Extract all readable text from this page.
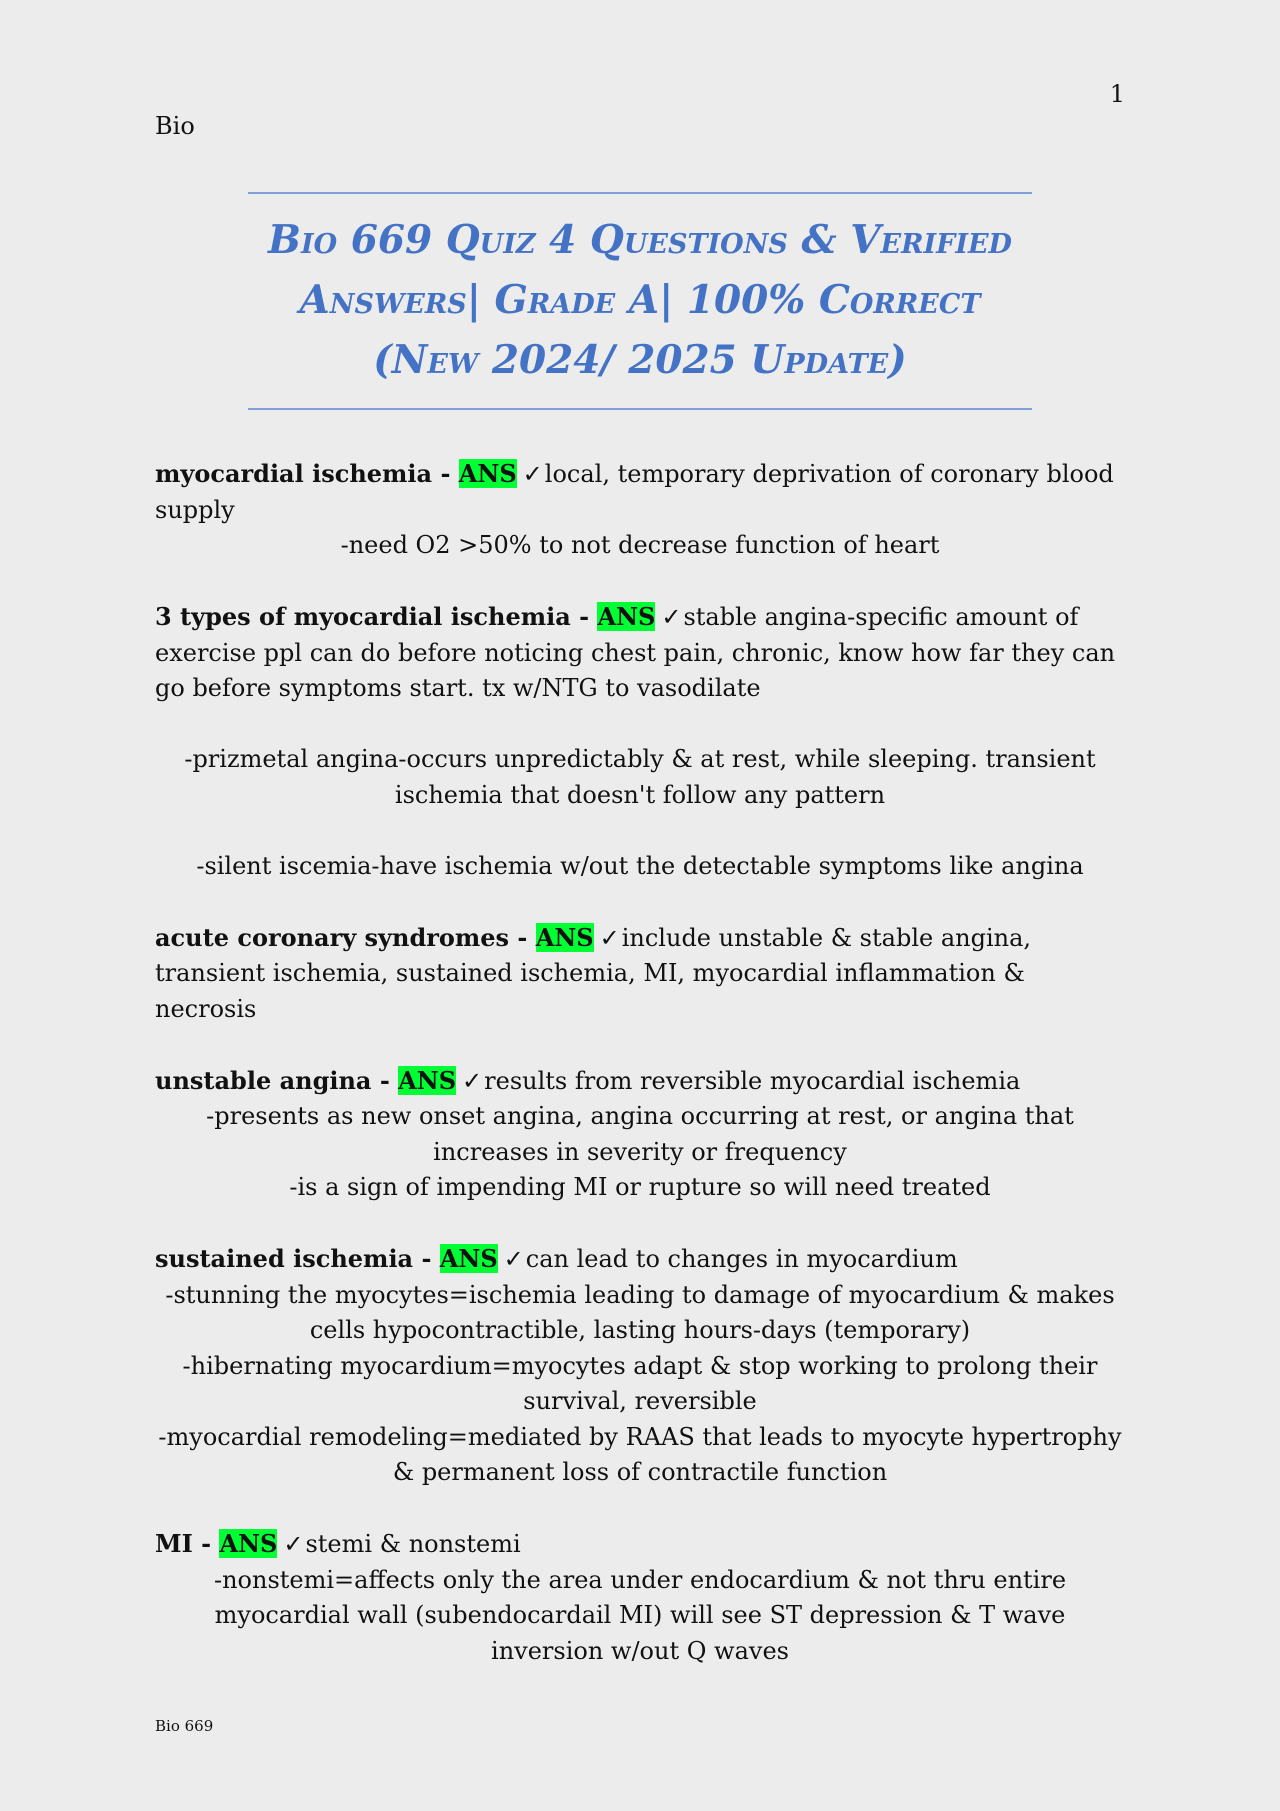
1
Bio
Bio 669 Quiz 4 Questions & Verified
Answers| Grade A| 100% Correct
(New 2024/ 2025 Update)
myocardial ischemia - ANS ✓local, temporary deprivation of coronary blood supply
-need O2 >50% to not decrease function of heart
3 types of myocardial ischemia - ANS ✓stable angina-specific amount of exercise ppl can do before noticing chest pain, chronic, know how far they can go before symptoms start. tx w/NTG to vasodilate
-prizmetal angina-occurs unpredictably & at rest, while sleeping. transient ischemia that doesn't follow any pattern
-silent iscemia-have ischemia w/out the detectable symptoms like angina
acute coronary syndromes - ANS ✓include unstable & stable angina, transient ischemia, sustained ischemia, MI, myocardial inflammation & necrosis
unstable angina - ANS ✓results from reversible myocardial ischemia
-presents as new onset angina, angina occurring at rest, or angina that increases in severity or frequency
-is a sign of impending MI or rupture so will need treated
sustained ischemia - ANS ✓can lead to changes in myocardium
-stunning the myocytes=ischemia leading to damage of myocardium & makes cells hypocontractible, lasting hours-days (temporary)
-hibernating myocardium=myocytes adapt & stop working to prolong their survival, reversible
-myocardial remodeling=mediated by RAAS that leads to myocyte hypertrophy & permanent loss of contractile function
MI - ANS ✓stemi & nonstemi
-nonstemi=affects only the area under endocardium & not thru entire myocardial wall (subendocardail MI) will see ST depression & T wave inversion w/out Q waves
Bio 669
